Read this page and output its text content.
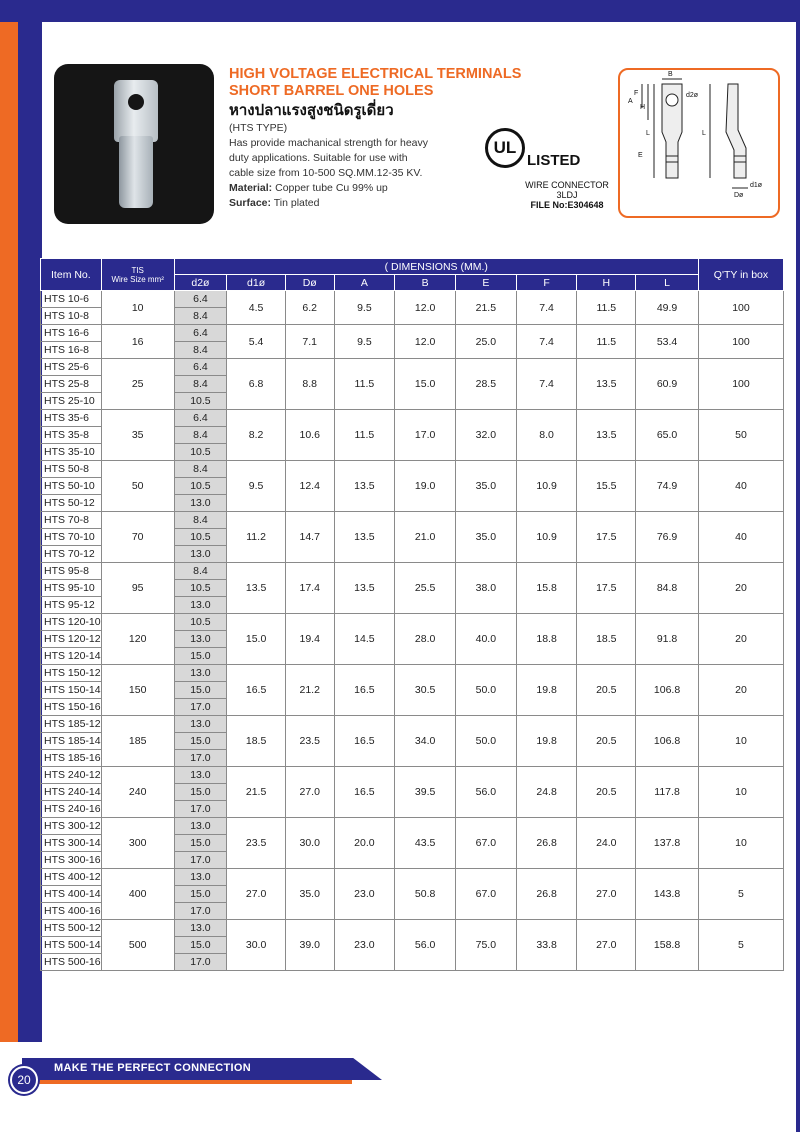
HIGH VOLTAGE ELECTRICAL TERMINALS
SHORT BARREL ONE HOLES
หางปลาแรงสูงชนิดรูเดี่ยว
(HTS TYPE)
Has provide machanical strength for heavy
duty applications. Suitable for use with
cable size from 10-500 SQ.MM.12-35 KV.
Material: Copper tube Cu 99% up
Surface: Tin plated
UL
LISTED
WIRE CONNECTOR
3LDJ
FILE No:E304648
B
d2ø
F
H
A
L
E
L
d1ø
Dø
Item No.	TIS
Wire Size mm²	( DIMENSIONS (MM.)									Q'TY in box
		d2ø	d1ø	Dø	A	B	E	F	H	L	
HTS 10-6	10	6.4	4.5	6.2	9.5	12.0	21.5	7.4	11.5	49.9	100
HTS 10-8		8.4									
HTS 16-6	16	6.4	5.4	7.1	9.5	12.0	25.0	7.4	11.5	53.4	100
HTS 16-8		8.4									
HTS 25-6	25	6.4	6.8	8.8	11.5	15.0	28.5	7.4	13.5	60.9	100
HTS 25-8		8.4									
HTS 25-10		10.5									
HTS 35-6	35	6.4	8.2	10.6	11.5	17.0	32.0	8.0	13.5	65.0	50
HTS 35-8		8.4									
HTS 35-10		10.5									
HTS 50-8	50	8.4	9.5	12.4	13.5	19.0	35.0	10.9	15.5	74.9	40
HTS 50-10		10.5									
HTS 50-12		13.0									
HTS 70-8	70	8.4	11.2	14.7	13.5	21.0	35.0	10.9	17.5	76.9	40
HTS 70-10		10.5									
HTS 70-12		13.0									
HTS 95-8	95	8.4	13.5	17.4	13.5	25.5	38.0	15.8	17.5	84.8	20
HTS 95-10		10.5									
HTS 95-12		13.0									
HTS 120-10	120	10.5	15.0	19.4	14.5	28.0	40.0	18.8	18.5	91.8	20
HTS 120-12		13.0									
HTS 120-14		15.0									
HTS 150-12	150	13.0	16.5	21.2	16.5	30.5	50.0	19.8	20.5	106.8	20
HTS 150-14		15.0									
HTS 150-16		17.0									
HTS 185-12	185	13.0	18.5	23.5	16.5	34.0	50.0	19.8	20.5	106.8	10
HTS 185-14		15.0									
HTS 185-16		17.0									
HTS 240-12	240	13.0	21.5	27.0	16.5	39.5	56.0	24.8	20.5	117.8	10
HTS 240-14		15.0									
HTS 240-16		17.0									
HTS 300-12	300	13.0	23.5	30.0	20.0	43.5	67.0	26.8	24.0	137.8	10
HTS 300-14		15.0									
HTS 300-16		17.0									
HTS 400-12	400	13.0	27.0	35.0	23.0	50.8	67.0	26.8	27.0	143.8	5
HTS 400-14		15.0									
HTS 400-16		17.0									
HTS 500-12	500	13.0	30.0	39.0	23.0	56.0	75.0	33.8	27.0	158.8	5
HTS 500-14		15.0									
HTS 500-16		17.0									
20
MAKE THE PERFECT CONNECTION
